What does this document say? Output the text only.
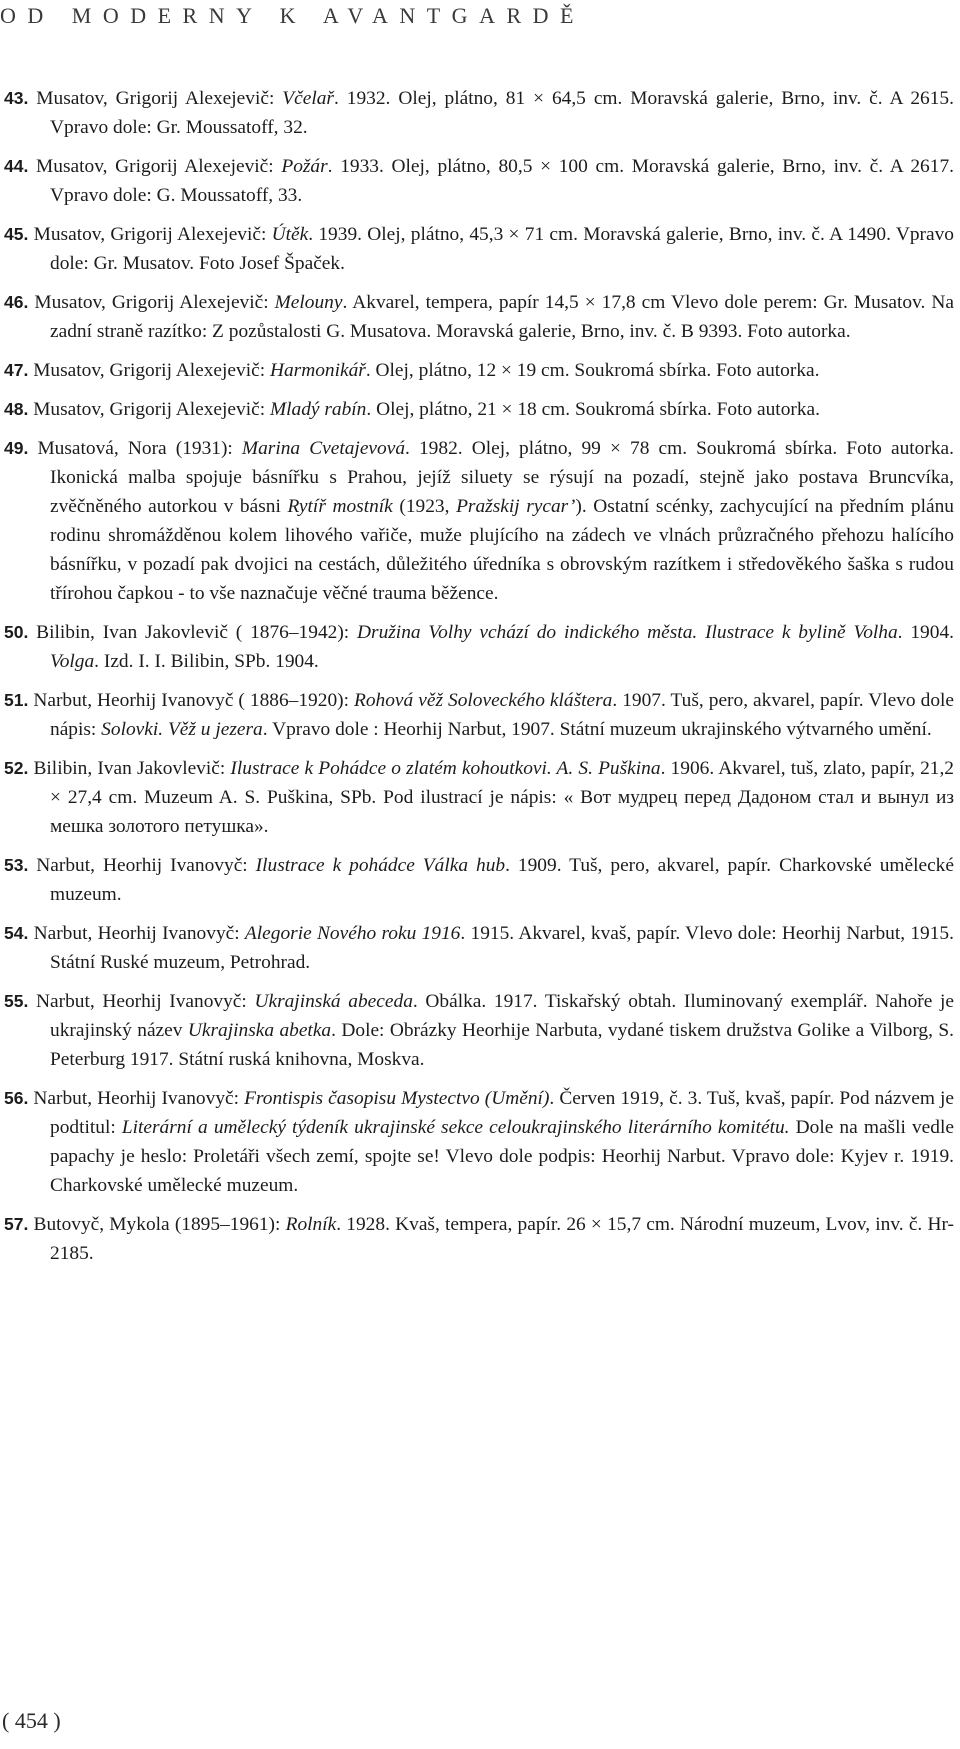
OD MODERNY K AVANTGARDĚ

43. Musatov, Grigorij Alexejevič: Včelař. 1932. Olej, plátno, 81 × 64,5 cm. Moravská galerie, Brno, inv. č. A 2615. Vpravo dole: Gr. Moussatoff, 32.

44. Musatov, Grigorij Alexejevič: Požár. 1933. Olej, plátno, 80,5 × 100 cm. Moravská galerie, Brno, inv. č. A 2617. Vpravo dole: G. Moussatoff, 33.

45. Musatov, Grigorij Alexejevič: Útěk. 1939. Olej, plátno, 45,3 × 71 cm. Moravská galerie, Brno, inv. č. A 1490. Vpravo dole: Gr. Musatov. Foto Josef Špaček.

46. Musatov, Grigorij Alexejevič: Melouny. Akvarel, tempera, papír 14,5 × 17,8 cm Vlevo dole perem: Gr. Musatov. Na zadní straně razítko: Z pozůstalosti G. Musatova. Moravská galerie, Brno, inv. č. B 9393. Foto autorka.

47. Musatov, Grigorij Alexejevič: Harmonikář. Olej, plátno, 12 × 19 cm. Soukromá sbírka. Foto autorka.

48. Musatov, Grigorij Alexejevič: Mladý rabín. Olej, plátno, 21 × 18 cm. Soukromá sbírka. Foto autorka.

49. Musatová, Nora (1931): Marina Cvetajevová. 1982. Olej, plátno, 99 × 78 cm. Soukromá sbírka. Foto autorka. Ikonická malba spojuje básnířku s Prahou, jejíž siluety se rýsují na pozadí, stejně jako postava Bruncvíka, zvěčněného autorkou v básni Rytíř mostník (1923, Pražskij rycar’). Ostatní scénky, zachycující na předním plánu rodinu shromážděnou kolem lihového vařiče, muže plujícího na zádech ve vlnách průzračného přehozu halícího básnířku, v pozadí pak dvojici na cestách, důležitého úředníka s obrovským razítkem i středověkého šaška s rudou třírohou čapkou - to vše naznačuje věčné trauma běžence.

50. Bilibin, Ivan Jakovlevič ( 1876–1942): Družina Volhy vchází do indického města. Ilustrace k bylině Volha. 1904. Volga. Izd. I. I. Bilibin, SPb. 1904.

51. Narbut, Heorhij Ivanovyč ( 1886–1920): Rohová věž Soloveckého kláštera. 1907. Tuš, pero, akvarel, papír. Vlevo dole nápis: Solovki. Věž u jezera. Vpravo dole : Heorhij Narbut, 1907. Státní muzeum ukrajinského výtvarného umění.

52. Bilibin, Ivan Jakovlevič: Ilustrace k Pohádce o zlatém kohoutkovi. A. S. Puškina. 1906. Akvarel, tuš, zlato, papír, 21,2 × 27,4 cm. Muzeum A. S. Puškina, SPb. Pod ilustrací je nápis: « Вот мудрец перед Дадоном стал и вынул из мешка золотого петушка».

53. Narbut, Heorhij Ivanovyč: Ilustrace k pohádce Válka hub. 1909. Tuš, pero, akvarel, papír. Charkovské umělecké muzeum.

54. Narbut, Heorhij Ivanovyč: Alegorie Nového roku 1916. 1915. Akvarel, kvaš, papír. Vlevo dole: Heorhij Narbut, 1915. Státní Ruské muzeum, Petrohrad.

55. Narbut, Heorhij Ivanovyč: Ukrajinská abeceda. Obálka. 1917. Tiskařský obtah. Iluminovaný exemplář. Nahoře je ukrajinský název Ukrajinska abetka. Dole: Obrázky Heorhije Narbuta, vydané tiskem družstva Golike a Vilborg, S. Peterburg 1917. Státní ruská knihovna, Moskva.

56. Narbut, Heorhij Ivanovyč: Frontispis časopisu Mystectvo (Umění). Červen 1919, č. 3. Tuš, kvaš, papír. Pod názvem je podtitul: Literární a umělecký týdeník ukrajinské sekce celoukrajinského literárního komitétu. Dole na mašli vedle papachy je heslo: Proletáři všech zemí, spojte se! Vlevo dole podpis: Heorhij Narbut. Vpravo dole: Kyjev r. 1919. Charkovské umělecké muzeum.

57. Butovyč, Mykola (1895–1961): Rolník. 1928. Kvaš, tempera, papír. 26 × 15,7 cm. Národní muzeum, Lvov, inv. č. Hr-2185.

( 454 )
